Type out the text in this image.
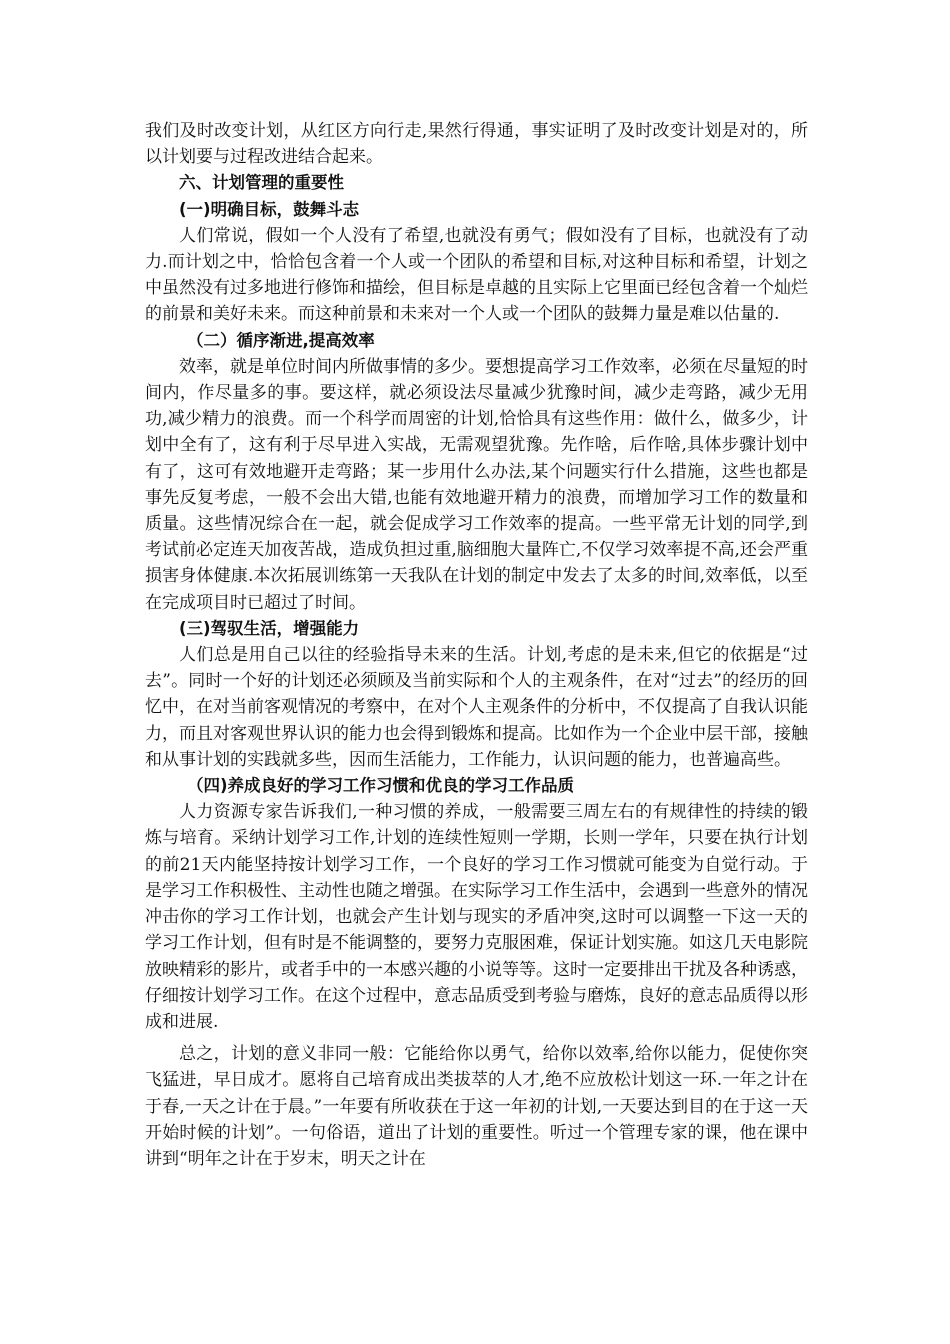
我们及时改变计划，从红区方向行走,果然行得通，事实证明了及时改变计划是对的，所以计划要与过程改进结合起来。

六、计划管理的重要性

(一)明确目标，鼓舞斗志

人们常说，假如一个人没有了希望,也就没有勇气；假如没有了目标，也就没有了动力.而计划之中，恰恰包含着一个人或一个团队的希望和目标,对这种目标和希望，计划之中虽然没有过多地进行修饰和描绘，但目标是卓越的且实际上它里面已经包含着一个灿烂的前景和美好未来。而这种前景和未来对一个人或一个团队的鼓舞力量是难以估量的.

（二）循序渐进,提高效率

效率，就是单位时间内所做事情的多少。要想提高学习工作效率，必须在尽量短的时间内，作尽量多的事。要这样，就必须设法尽量减少犹豫时间，减少走弯路，减少无用功,减少精力的浪费。而一个科学而周密的计划,恰恰具有这些作用：做什么，做多少，计划中全有了，这有利于尽早进入实战，无需观望犹豫。先作啥，后作啥,具体步骤计划中有了，这可有效地避开走弯路；某一步用什么办法,某个问题实行什么措施，这些也都是事先反复考虑，一般不会出大错,也能有效地避开精力的浪费，而增加学习工作的数量和质量。这些情况综合在一起，就会促成学习工作效率的提高。一些平常无计划的同学,到考试前必定连天加夜苦战，造成负担过重,脑细胞大量阵亡,不仅学习效率提不高,还会严重损害身体健康.本次拓展训练第一天我队在计划的制定中发去了太多的时间,效率低，以至在完成项目时已超过了时间。

(三)驾驭生活，增强能力

人们总是用自己以往的经验指导未来的生活。计划,考虑的是未来,但它的依据是“过去”。同时一个好的计划还必须顾及当前实际和个人的主观条件，在对“过去”的经历的回忆中，在对当前客观情况的考察中，在对个人主观条件的分析中，不仅提高了自我认识能力，而且对客观世界认识的能力也会得到锻炼和提高。比如作为一个企业中层干部，接触和从事计划的实践就多些，因而生活能力，工作能力，认识问题的能力，也普遍高些。

（四)养成良好的学习工作习惯和优良的学习工作品质

人力资源专家告诉我们,一种习惯的养成，一般需要三周左右的有规律性的持续的锻炼与培育。采纳计划学习工作,计划的连续性短则一学期，长则一学年，只要在执行计划的前21天内能坚持按计划学习工作，一个良好的学习工作习惯就可能变为自觉行动。于是学习工作积极性、主动性也随之增强。在实际学习工作生活中，会遇到一些意外的情况冲击你的学习工作计划，也就会产生计划与现实的矛盾冲突,这时可以调整一下这一天的学习工作计划，但有时是不能调整的，要努力克服困难，保证计划实施。如这几天电影院放映精彩的影片，或者手中的一本感兴趣的小说等等。这时一定要排出干扰及各种诱惑，仔细按计划学习工作。在这个过程中，意志品质受到考验与磨炼，良好的意志品质得以形成和进展.

总之，计划的意义非同一般：它能给你以勇气，给你以效率,给你以能力，促使你突飞猛进，早日成才。愿将自己培育成出类拔萃的人才,绝不应放松计划这一环.一年之计在于春,一天之计在于晨。”一年要有所收获在于这一年初的计划,一天要达到目的在于这一天开始时候的计划”。一句俗语，道出了计划的重要性。听过一个管理专家的课，他在课中讲到“明年之计在于岁末，明天之计在
